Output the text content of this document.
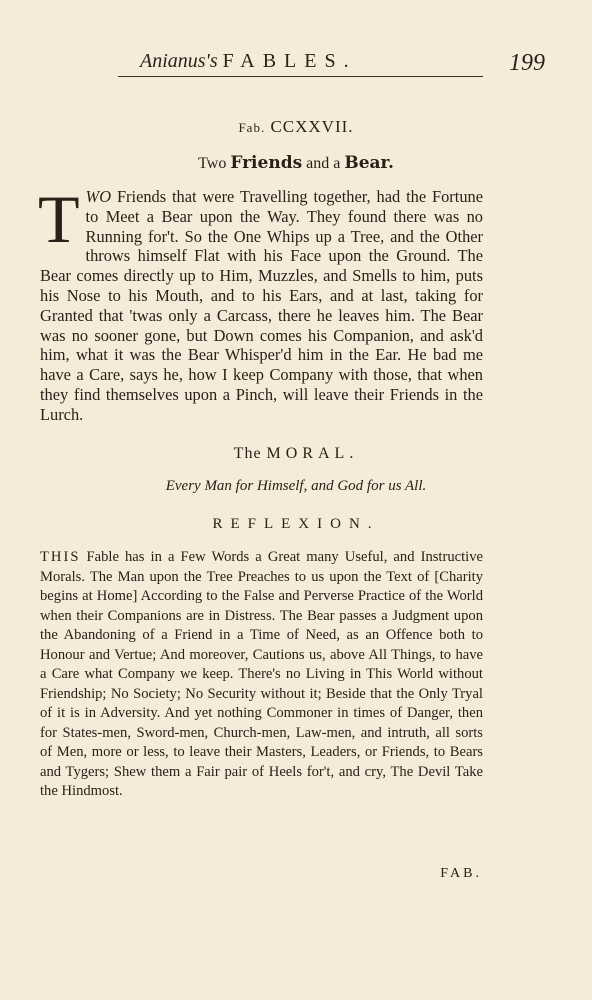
Anianus's FABLES.	199
Fab. CCXXVII.
Two Friends and a Bear.
T WO Friends that were Travelling together, had the Fortune to Meet a Bear upon the Way. They found there was no Running for't. So the One Whips up a Tree, and the Other throws himself Flat with his Face upon the Ground. The Bear comes directly up to Him, Muzzles, and Smells to him, puts his Nose to his Mouth, and to his Ears, and at last, taking for Granted that 'twas only a Carcass, there he leaves him. The Bear was no sooner gone, but Down comes his Companion, and ask'd him, what it was the Bear Whisper'd him in the Ear. He bad me have a Care, says he, how I keep Company with those, that when they find themselves upon a Pinch, will leave their Friends in the Lurch.

The MORAL.
Every Man for Himself, and God for us All.
REFLEXION.

THIS Fable has in a Few Words a Great many Useful, and Instructive Morals. The Man upon the Tree Preaches to us upon the Text of [Charity begins at Home] According to the False and Perverse Practice of the World when their Companions are in Distress. The Bear passes a Judgment upon the Abandoning of a Friend in a Time of Need, as an Offence both to Honour and Vertue; And moreover, Cautions us, above All Things, to have a Care what Company we keep. There's no Living in This World without Friendship; No Society; No Security without it; Beside that the Only Tryal of it is in Adversity. And yet nothing Commoner in times of Danger, then for States-men, Sword-men, Church-men, Law-men, and intruth, all sorts of Men, more or less, to leave their Masters, Leaders, or Friends, to Bears and Tygers; Shew them a Fair pair of Heels for't, and cry, The Devil Take the Hindmost.

FAB.
